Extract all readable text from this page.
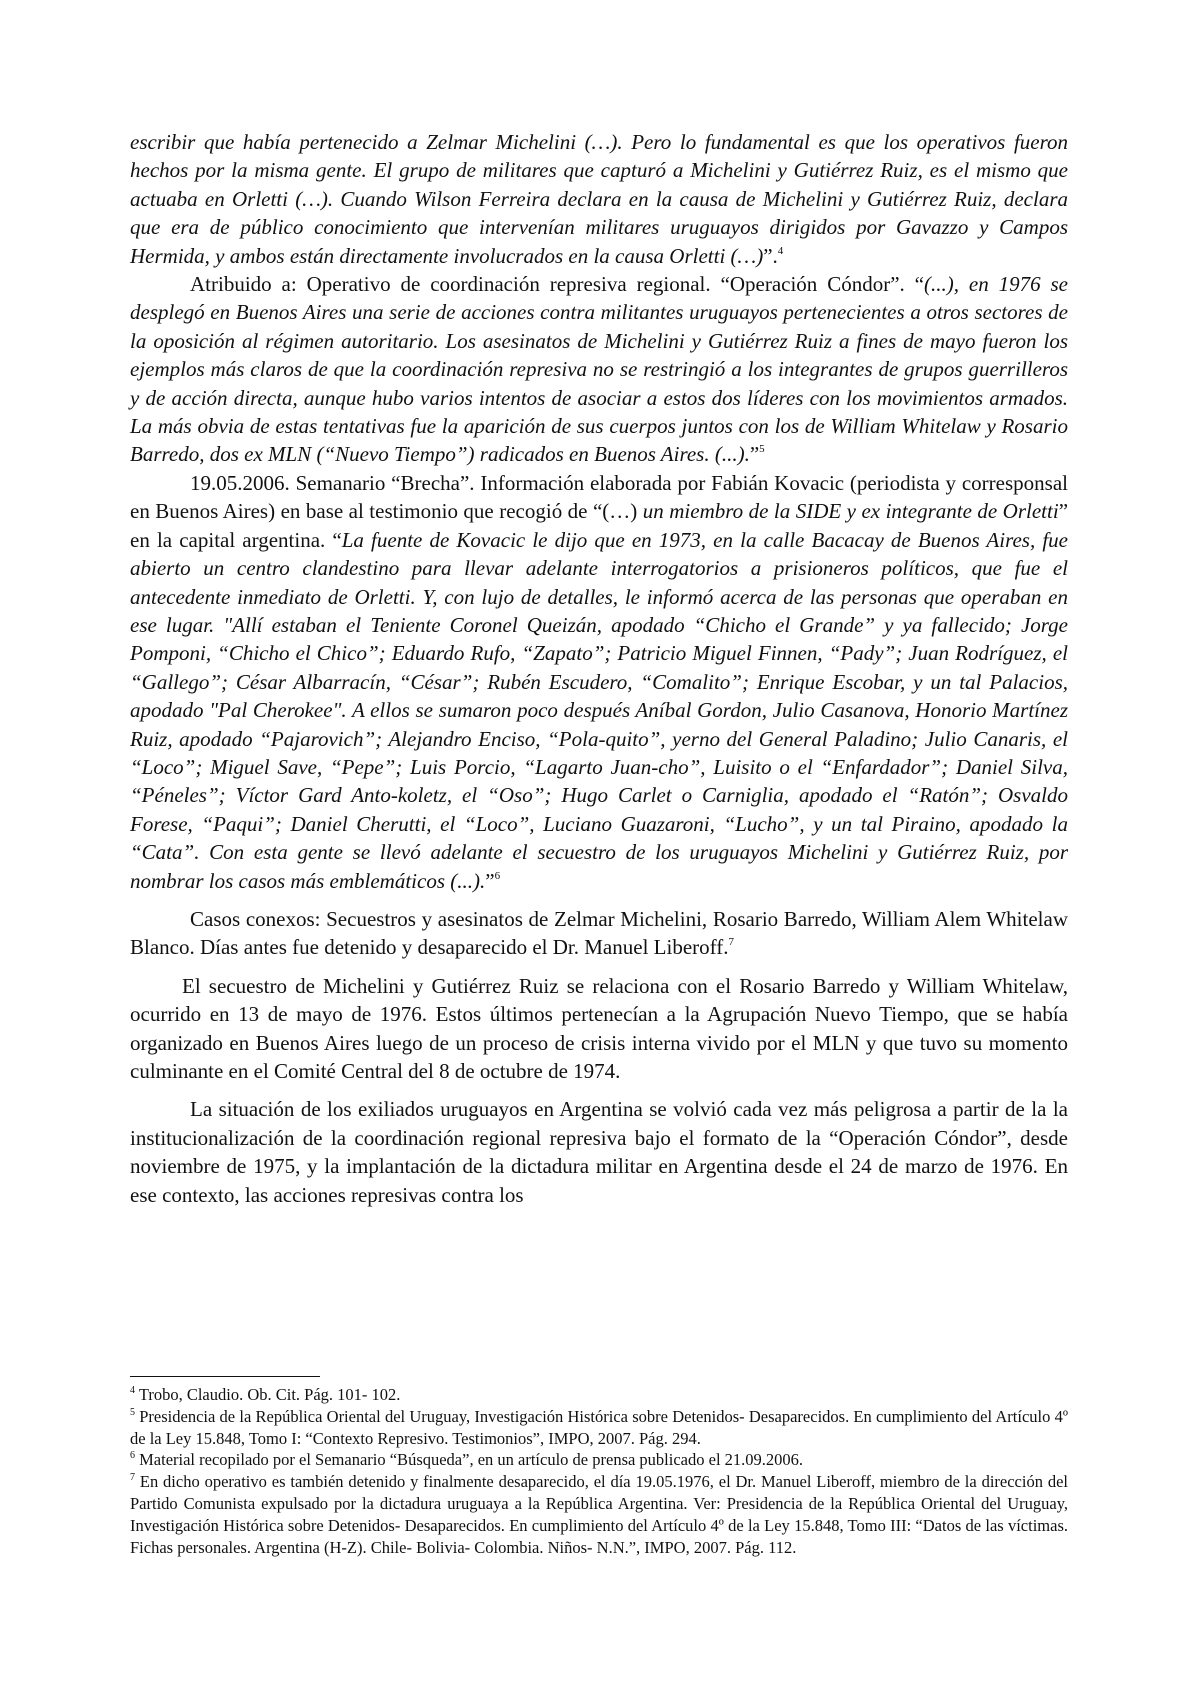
escribir que había pertenecido a Zelmar Michelini (…). Pero lo fundamental es que los operativos fueron hechos por la misma gente. El grupo de militares que capturó a Michelini y Gutiérrez Ruiz, es el mismo que actuaba en Orletti (…). Cuando Wilson Ferreira declara en la causa de Michelini y Gutiérrez Ruiz, declara que era de público conocimiento que intervenían militares uruguayos dirigidos por Gavazzo y Campos Hermida, y ambos están directamente involucrados en la causa Orletti (…)”.$^4$

Atribuido a: Operativo de coordinación represiva regional. “Operación Cóndor”. “(...), en 1976 se desplegó en Buenos Aires una serie de acciones contra militantes uruguayos pertenecientes a otros sectores de la oposición al régimen autoritario. Los asesinatos de Michelini y Gutiérrez Ruiz a fines de mayo fueron los ejemplos más claros de que la coordinación represiva no se restringió a los integrantes de grupos guerrilleros y de acción directa, aunque hubo varios intentos de asociar a estos dos líderes con los movimientos armados. La más obvia de estas tentativas fue la aparición de sus cuerpos juntos con los de William Whitelaw y Rosario Barredo, dos ex MLN (“Nuevo Tiempo”) radicados en Buenos Aires. (...).”$^5$

19.05.2006. Semanario “Brecha”. Información elaborada por Fabián Kovacic (periodista y corresponsal en Buenos Aires) en base al testimonio que recogió de “(…) un miembro de la SIDE y ex integrante de Orletti” en la capital argentina. “La fuente de Kovacic le dijo que en 1973, en la calle Bacacay de Buenos Aires, fue abierto un centro clandestino para llevar adelante interrogatorios a prisioneros políticos, que fue el antecedente inmediato de Orletti. Y, con lujo de detalles, le informó acerca de las personas que operaban en ese lugar. "Allí estaban el Teniente Coronel Queizán, apodado “Chicho el Grande” y ya fallecido; Jorge Pomponi, “Chicho el Chico”; Eduardo Rufo, “Zapato”; Patricio Miguel Finnen, “Pady”; Juan Rodríguez, el “Gallego”; César Albarracín, “César”; Rubén Escudero, “Comalito”; Enrique Escobar, y un tal Palacios, apodado "Pal Cherokee". A ellos se sumaron poco después Aníbal Gordon, Julio Casanova, Honorio Martínez Ruiz, apodado “Pajarovich”; Alejandro Enciso, “Pola-quito”, yerno del General Paladino; Julio Canaris, el “Loco”; Miguel Save, “Pepe”; Luis Porcio, “Lagarto Juan-cho”, Luisito o el “Enfardador”; Daniel Silva, “Péneles”; Víctor Gard Anto-koletz, el “Oso”; Hugo Carlet o Carniglia, apodado el “Ratón”; Osvaldo Forese, “Paqui”; Daniel Cherutti, el “Loco”, Luciano Guazaroni, “Lucho”, y un tal Piraino, apodado la “Cata”. Con esta gente se llevó adelante el secuestro de los uruguayos Michelini y Gutiérrez Ruiz, por nombrar los casos más emblemáticos (...).”$^6$

Casos conexos: Secuestros y asesinatos de Zelmar Michelini, Rosario Barredo, William Alem Whitelaw Blanco. Días antes fue detenido y desaparecido el Dr. Manuel Liberoff.$^7$

El secuestro de Michelini y Gutiérrez Ruiz se relaciona con el Rosario Barredo y William Whitelaw, ocurrido en 13 de mayo de 1976. Estos últimos pertenecían a la Agrupación Nuevo Tiempo, que se había organizado en Buenos Aires luego de un proceso de crisis interna vivido por el MLN y que tuvo su momento culminante en el Comité Central del 8 de octubre de 1974.

La situación de los exiliados uruguayos en Argentina se volvió cada vez más peligrosa a partir de la la institucionalización de la coordinación regional represiva bajo el formato de la “Operación Cóndor”, desde noviembre de 1975, y la implantación de la dictadura militar en Argentina desde el 24 de marzo de 1976. En ese contexto, las acciones represivas contra los

$^4$ Trobo, Claudio. Ob. Cit. Pág. 101- 102.

$^5$ Presidencia de la República Oriental del Uruguay, Investigación Histórica sobre Detenidos- Desaparecidos. En cumplimiento del Artículo 4º de la Ley 15.848, Tomo I: “Contexto Represivo. Testimonios”, IMPO, 2007. Pág. 294.

$^6$ Material recopilado por el Semanario “Búsqueda”, en un artículo de prensa publicado el 21.09.2006.

$^7$ En dicho operativo es también detenido y finalmente desaparecido, el día 19.05.1976, el Dr. Manuel Liberoff, miembro de la dirección del Partido Comunista expulsado por la dictadura uruguaya a la República Argentina. Ver: Presidencia de la República Oriental del Uruguay, Investigación Histórica sobre Detenidos- Desaparecidos. En cumplimiento del Artículo 4º de la Ley 15.848, Tomo III: “Datos de las víctimas. Fichas personales. Argentina (H-Z). Chile- Bolivia- Colombia. Niños- N.N.”, IMPO, 2007. Pág. 112.
